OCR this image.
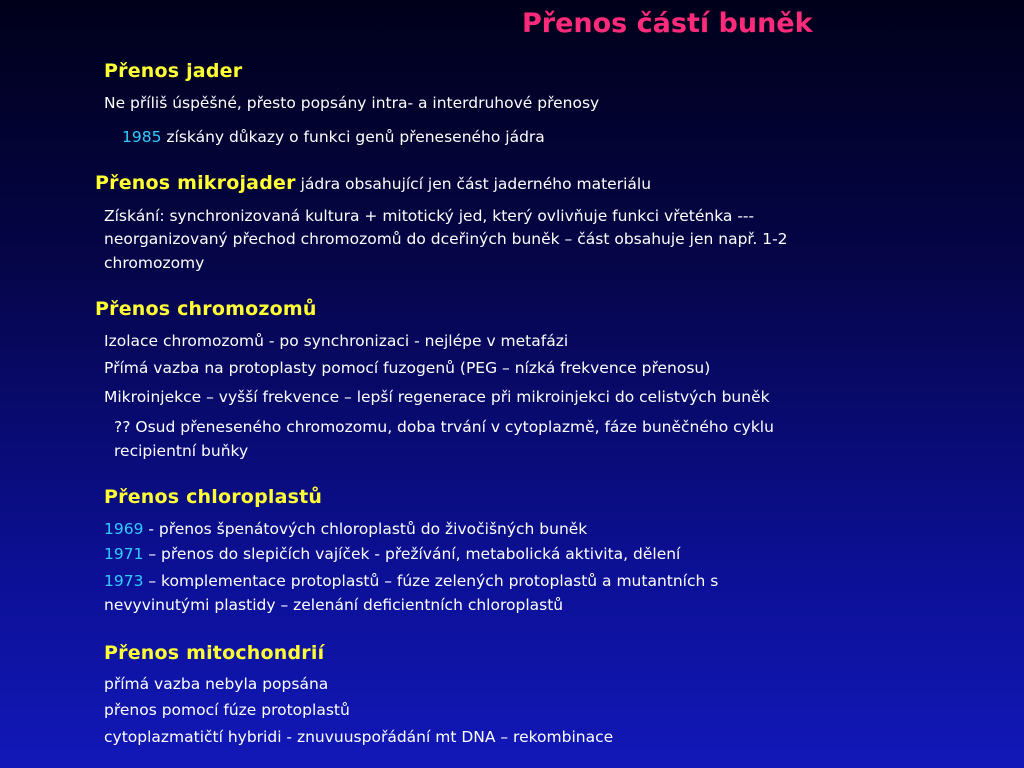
Přenos částí buněk
Přenos jader
Ne příliš úspěšné, přesto popsány intra- a interdruhové přenosy
1985 získány důkazy o funkci genů přeneseného jádra
Přenos mikrojader jádra obsahující jen část jaderného materiálu
Získání: synchronizovaná kultura + mitotický jed, který ovlivňuje funkci vřeténka ---
neorganizovaný přechod chromozomů do dceřiných buněk – část obsahuje jen např. 1-2
chromozomy
Přenos chromozomů
Izolace chromozomů - po synchronizaci - nejlépe v metafázi
Přímá vazba na protoplasty pomocí fuzogenů (PEG – nízká frekvence přenosu)
Mikroinjekce – vyšší frekvence – lepší regenerace při mikroinjekci do celistvých buněk
?? Osud přeneseného chromozomu, doba trvání v cytoplazmě, fáze buněčného cyklu
recipientní buňky
Přenos chloroplastů
1969 - přenos špenátových chloroplastů do živočišných buněk
1971 – přenos do slepičích vajíček - přežívání, metabolická aktivita, dělení
1973 – komplementace protoplastů – fúze zelených protoplastů a mutantních s
nevyvinutými plastidy – zelenání deficientních chloroplastů
Přenos mitochondrií
přímá vazba nebyla popsána
přenos pomocí fúze protoplastů
cytoplazmatičtí hybridi - znuvuuspořádání mt DNA – rekombinace
